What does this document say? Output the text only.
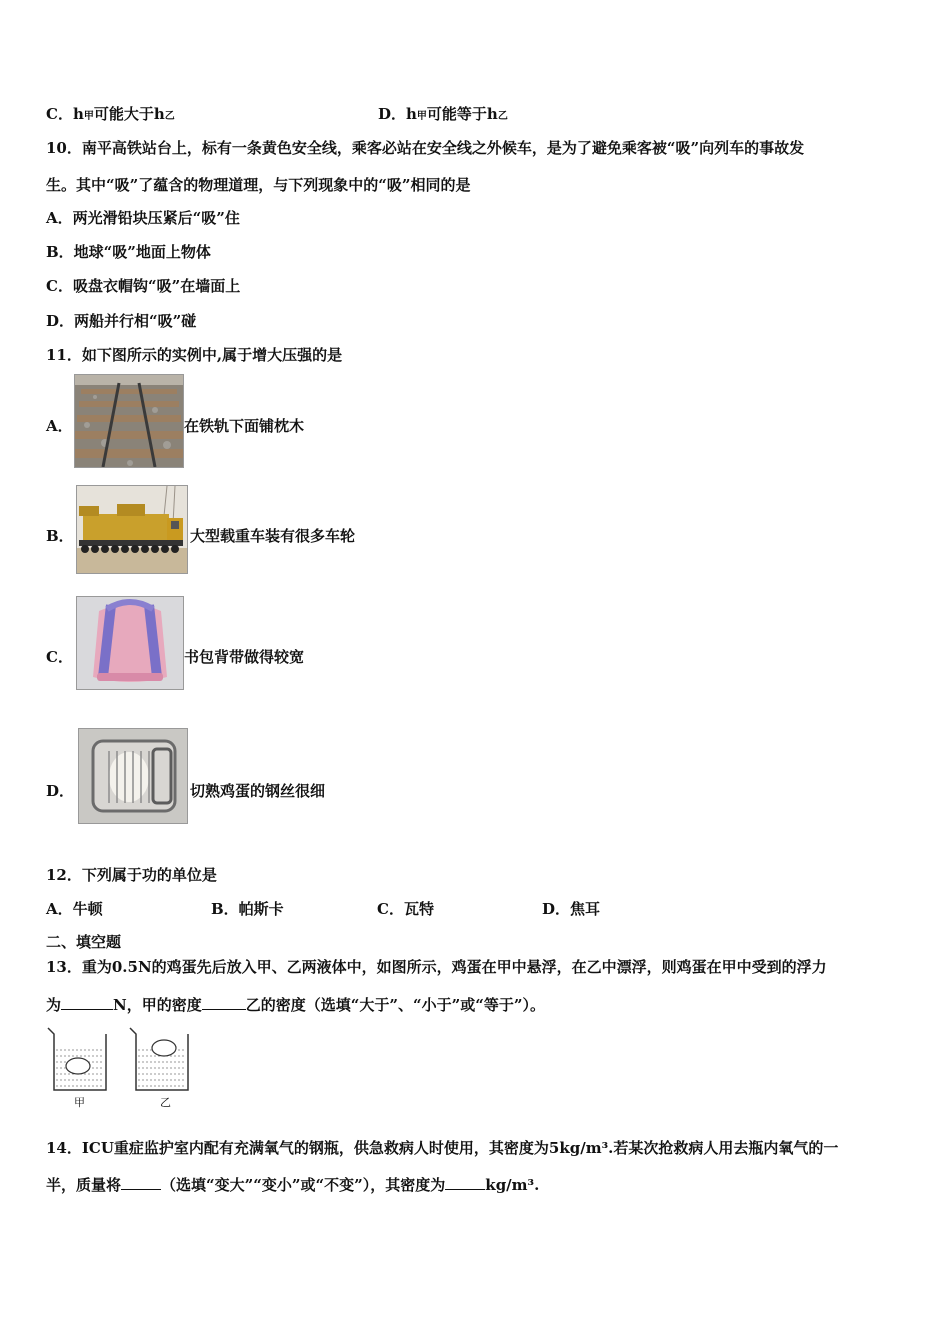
C．h甲可能大于h乙	D．h甲可能等于h乙
10．南平高铁站台上，标有一条黄色安全线，乘客必站在安全线之外候车，是为了避免乘客被“吸”向列车的事故发
生。其中“吸”了蕴含的物理道理，与下列现象中的“吸”相同的是
A．两光滑铅块压紧后“吸”住
B．地球“吸”地面上物体
C．吸盘衣帽钩“吸”在墙面上
D．两船并行相“吸”碰
11．如下图所示的实例中,属于增大压强的是
A．	在铁轨下面铺枕木
B．	大型载重车装有很多车轮
C．	书包背带做得较宽
D．	切熟鸡蛋的钢丝很细
12．下列属于功的单位是
A．牛顿	B．帕斯卡	C．瓦特	D．焦耳
二、填空题
13．重为0.5N的鸡蛋先后放入甲、乙两液体中，如图所示，鸡蛋在甲中悬浮，在乙中漂浮，则鸡蛋在甲中受到的浮力
为	N，甲的密度	乙的密度（选填“大于”、“小于”或“等于”）。
甲	乙
14．ICU重症监护室内配有充满氧气的钢瓶，供急救病人时使用，其密度为5kg/m³.若某次抢救病人用去瓶内氧气的一
半，质量将	（选填“变大”“变小”或“不变”），其密度为	kg/m³.
